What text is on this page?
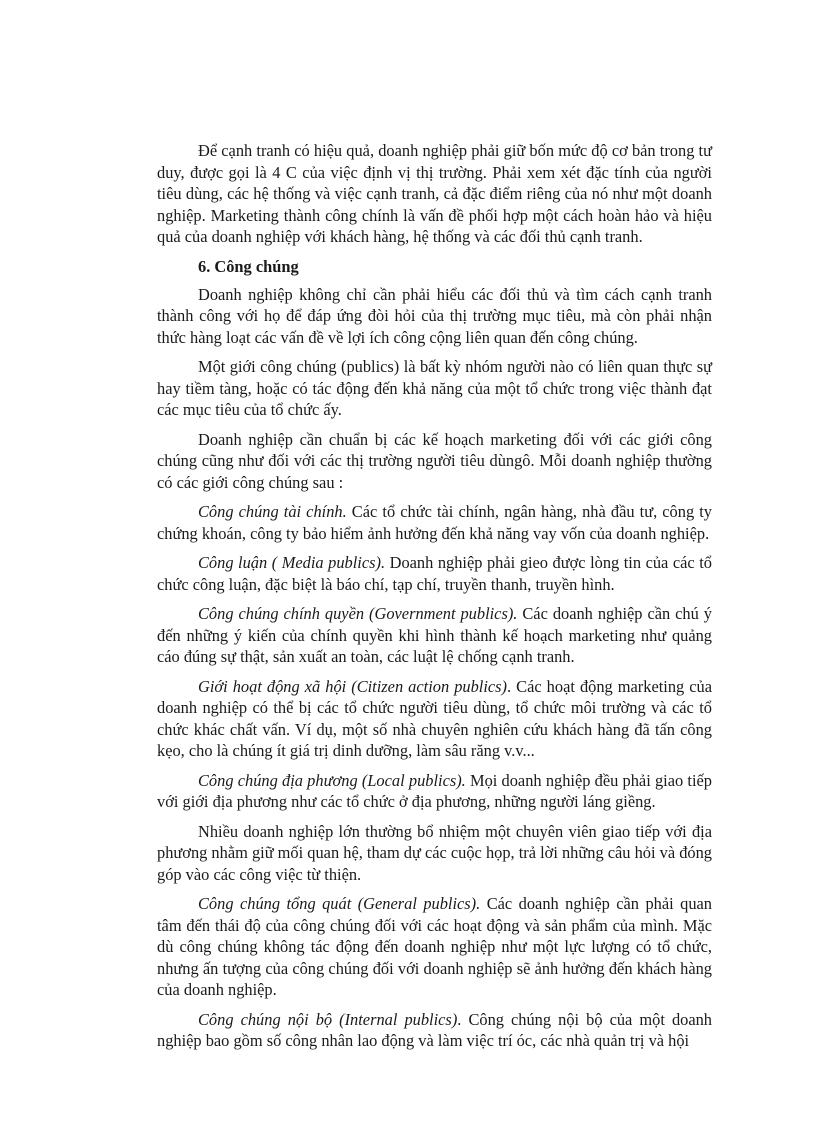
Để cạnh tranh có hiệu quả, doanh nghiệp phải giữ bốn mức độ cơ bản trong tư duy, được gọi là 4 C của việc định vị thị trường. Phải xem xét đặc tính của người tiêu dùng, các hệ thống và việc cạnh tranh, cả đặc điểm riêng của nó như một doanh nghiệp. Marketing thành công chính là vấn đề phối hợp một cách hoàn hảo và hiệu quả của doanh nghiệp với khách hàng, hệ thống và các đối thủ cạnh tranh.

6. Công chúng

Doanh nghiệp không chỉ cần phải hiểu các đối thủ và tìm cách cạnh tranh thành công với họ để đáp ứng đòi hỏi của thị trường mục tiêu, mà còn phải nhận thức hàng loạt các vấn đề về lợi ích công cộng liên quan đến công chúng.

Một giới công chúng (publics) là bất kỳ nhóm người nào có liên quan thực sự hay tiềm tàng, hoặc có tác động đến khả năng của một tổ chức trong việc thành đạt các mục tiêu của tổ chức ấy.

Doanh nghiệp cần chuẩn bị các kế hoạch marketing đối với các giới công chúng cũng như đối với các thị trường người tiêu dùngô. Mỗi doanh nghiệp thường có các giới công chúng sau :

Công chúng tài chính. Các tổ chức tài chính, ngân hàng, nhà đầu tư, công ty chứng khoán, công ty bảo hiểm ảnh hưởng đến khả năng vay vốn của doanh nghiệp.

Công luận ( Media publics). Doanh nghiệp phải gieo được lòng tin của các tổ chức công luận, đặc biệt là báo chí, tạp chí, truyền thanh, truyền hình.

Công chúng chính quyền (Government publics). Các doanh nghiệp cần chú ý đến những ý kiến của chính quyền khi hình thành kế hoạch marketing như quảng cáo đúng sự thật, sản xuất an toàn, các luật lệ chống cạnh tranh.

Giới hoạt động xã hội (Citizen action publics). Các hoạt động marketing của doanh nghiệp có thể bị các tổ chức người tiêu dùng, tổ chức môi trường và các tổ chức khác chất vấn. Ví dụ, một số nhà chuyên nghiên cứu khách hàng đã tấn công kẹo, cho là chúng ít giá trị dinh dưỡng, làm sâu răng v.v...

Công chúng địa phương (Local publics). Mọi doanh nghiệp đều phải giao tiếp với giới địa phương như các tổ chức ở địa phương, những người láng giềng.

Nhiều doanh nghiệp lớn thường bổ nhiệm một chuyên viên giao tiếp với địa phương nhằm giữ mối quan hệ, tham dự các cuộc họp, trả lời những câu hỏi và đóng góp vào các công việc từ thiện.

Công chúng tổng quát (General publics). Các doanh nghiệp cần phải quan tâm đến thái độ của công chúng đối với các hoạt động và sản phẩm của mình. Mặc dù công chúng không tác động đến doanh nghiệp như một lực lượng có tổ chức, nhưng ấn tượng của công chúng đối với doanh nghiệp sẽ ảnh hưởng đến khách hàng của doanh nghiệp.

Công chúng nội bộ (Internal publics). Công chúng nội bộ của một doanh nghiệp bao gồm số công nhân lao động và làm việc trí óc, các nhà quản trị và hội
